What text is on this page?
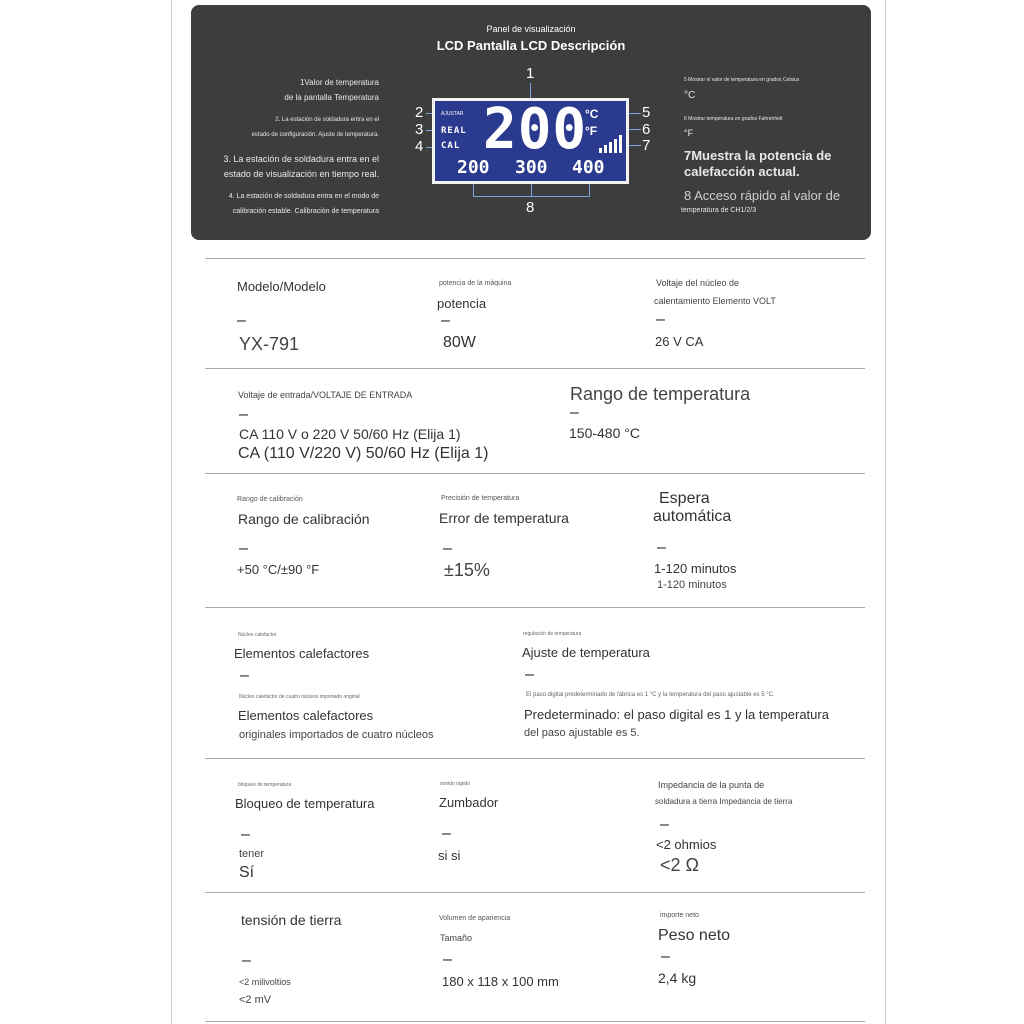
Panel de visualización
LCD Pantalla LCD Descripción
1Valor de temperatura
de la pantalla Temperatura
2. La estación de soldadura entra en el
estado de configuración. Ajuste de temperatura.
3. La estación de soldadura entra en el
estado de visualización en tiempo real.
4. La estación de soldadura entra en el modo de
calibración estable. Calibración de temperatura
5 Mostrar el valor de temperatura en grados Celsius
°C
6 Mostrar temperatura en grados Fahrenheit
°F
7Muestra la potencia de
calefacción actual.
8 Acceso rápido al valor de
temperatura de CH1/2/3
1
2
3
4
5
6
7
8
AJUSTAR
REAL
CAL 200
°C
°F
200 300 400
Modelo/Modelo
–
YX-791
potencia de la máquina
potencia
–
80W
Voltaje del núcleo de
calentamiento Elemento VOLT
–
26 V CA
Voltaje de entrada/VOLTAJE DE ENTRADA
–
CA 110 V o 220 V 50/60 Hz (Elija 1)
CA (110 V/220 V) 50/60 Hz (Elija 1)
Rango de temperatura
–
150-480 °C
Rango de calibración
Rango de calibración
–
+50 °C/±90 °F
Precisión de temperatura
Error de temperatura
–
±15%
Espera
automática
–
1-120 minutos
1-120 minutos
Núcleo calefactor
Elementos calefactores
–
Núcleo calefactor de cuatro núcleos importado original
Elementos calefactores
originales importados de cuatro núcleos
regulación de temperatura
Ajuste de temperatura
–
El paso digital predeterminado de fábrica es 1 °C y la temperatura del paso ajustable es 5 °C.
Predeterminado: el paso digital es 1 y la temperatura
del paso ajustable es 5.
bloqueo de temperatura
Bloqueo de temperatura
–
tener
Sí
sonido rápido
Zumbador
–
si si
Impedancia de la punta de
soldadura a tierra Impedancia de tierra
–
<2 ohmios
<2 Ω
tensión de tierra
–
<2 milivoltios
<2 mV
Volumen de apariencia
Tamaño
–
180 x 118 x 100 mm
importe neto
Peso neto
–
2,4 kg
